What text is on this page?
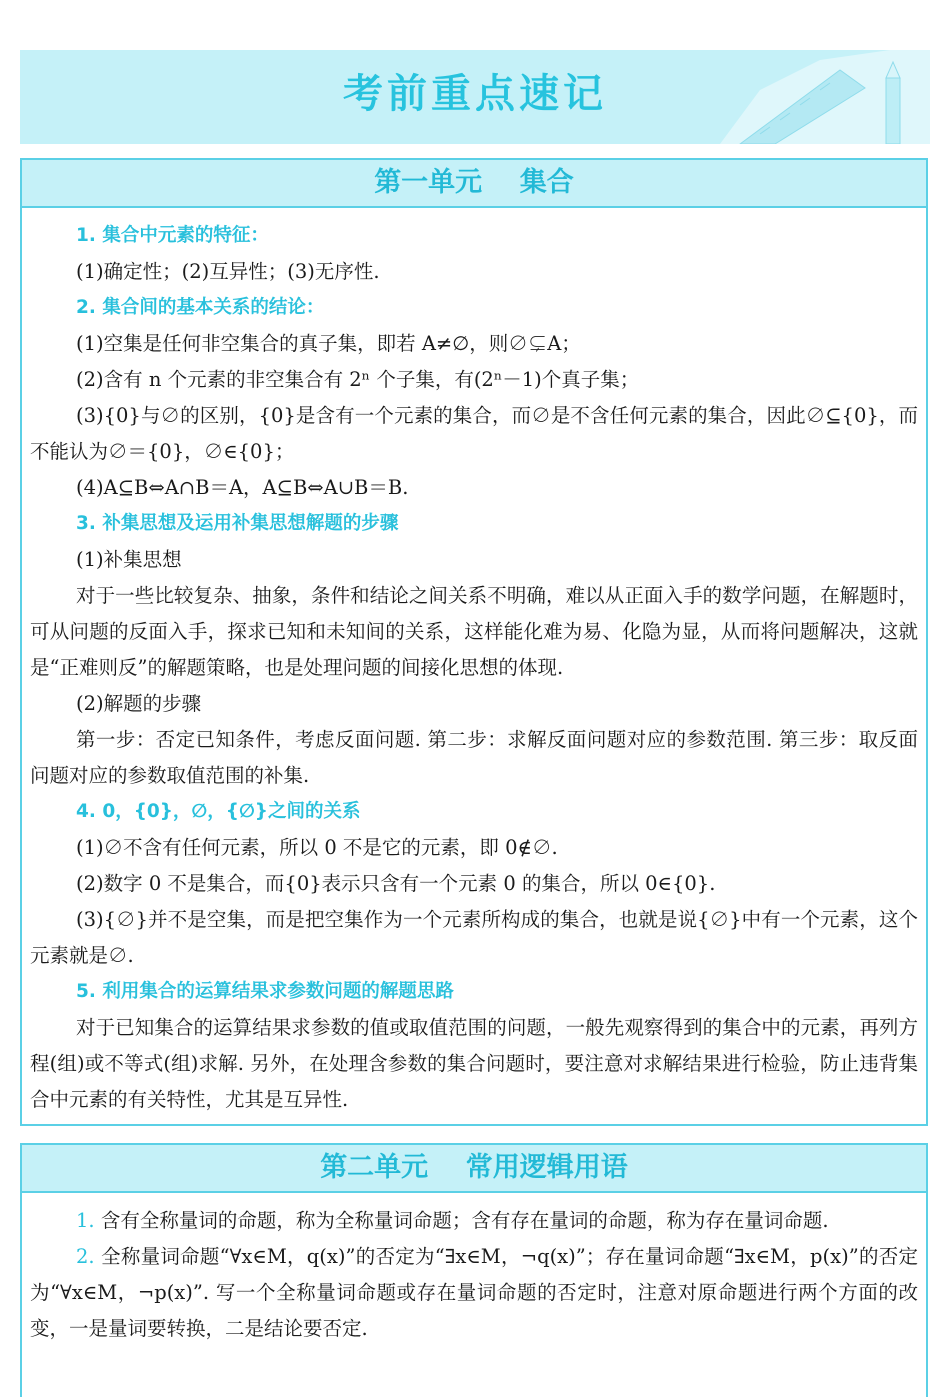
考前重点速记
第一单元    集合
1. 集合中元素的特征：
(1)确定性；(2)互异性；(3)无序性.
2. 集合间的基本关系的结论：
(1)空集是任何非空集合的真子集，即若 A≠∅，则∅⊊A；
(2)含有 n 个元素的非空集合有 2ⁿ 个子集，有(2ⁿ－1)个真子集；
(3){0}与∅的区别，{0}是含有一个元素的集合，而∅是不含任何元素的集合，因此∅⊆{0}，而不能认为∅＝{0}，∅∈{0}；
(4)A⊆B⇔A∩B＝A，A⊆B⇔A∪B＝B.
3. 补集思想及运用补集思想解题的步骤
(1)补集思想
对于一些比较复杂、抽象，条件和结论之间关系不明确，难以从正面入手的数学问题，在解题时，可从问题的反面入手，探求已知和未知间的关系，这样能化难为易、化隐为显，从而将问题解决，这就是“正难则反”的解题策略，也是处理问题的间接化思想的体现.
(2)解题的步骤
第一步：否定已知条件，考虑反面问题. 第二步：求解反面问题对应的参数范围. 第三步：取反面问题对应的参数取值范围的补集.
4. 0，{0}，∅，{∅}之间的关系
(1)∅不含有任何元素，所以 0 不是它的元素，即 0∉∅.
(2)数字 0 不是集合，而{0}表示只含有一个元素 0 的集合，所以 0∈{0}.
(3){∅}并不是空集，而是把空集作为一个元素所构成的集合，也就是说{∅}中有一个元素，这个元素就是∅.
5. 利用集合的运算结果求参数问题的解题思路
对于已知集合的运算结果求参数的值或取值范围的问题，一般先观察得到的集合中的元素，再列方程(组)或不等式(组)求解. 另外，在处理含参数的集合问题时，要注意对求解结果进行检验，防止违背集合中元素的有关特性，尤其是互异性.
第二单元    常用逻辑用语
1. 含有全称量词的命题，称为全称量词命题；含有存在量词的命题，称为存在量词命题.
2. 全称量词命题“∀x∈M，q(x)”的否定为“∃x∈M，¬q(x)”；存在量词命题“∃x∈M，p(x)”的否定为“∀x∈M，¬p(x)”. 写一个全称量词命题或存在量词命题的否定时，注意对原命题进行两个方面的改变，一是量词要转换，二是结论要否定.
